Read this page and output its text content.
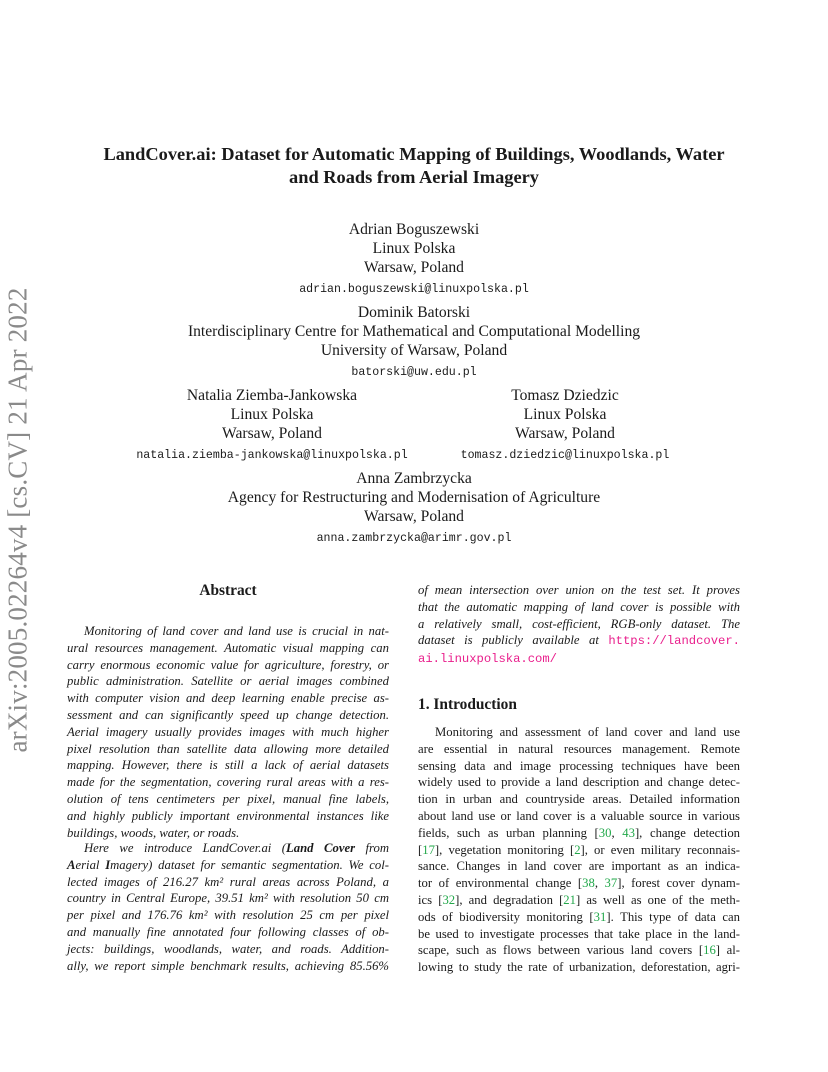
arXiv:2005.02264v4 [cs.CV] 21 Apr 2022
LandCover.ai: Dataset for Automatic Mapping of Buildings, Woodlands, Water
and Roads from Aerial Imagery
Adrian Boguszewski
Linux Polska
Warsaw, Poland
adrian.boguszewski@linuxpolska.pl
Dominik Batorski
Interdisciplinary Centre for Mathematical and Computational Modelling
University of Warsaw, Poland
batorski@uw.edu.pl
Natalia Ziemba-Jankowska
Linux Polska
Warsaw, Poland
natalia.ziemba-jankowska@linuxpolska.pl
Tomasz Dziedzic
Linux Polska
Warsaw, Poland
tomasz.dziedzic@linuxpolska.pl
Anna Zambrzycka
Agency for Restructuring and Modernisation of Agriculture
Warsaw, Poland
anna.zambrzycka@arimr.gov.pl
Abstract
Monitoring of land cover and land use is crucial in nat-
ural resources management. Automatic visual mapping can
carry enormous economic value for agriculture, forestry, or
public administration. Satellite or aerial images combined
with computer vision and deep learning enable precise as-
sessment and can significantly speed up change detection.
Aerial imagery usually provides images with much higher
pixel resolution than satellite data allowing more detailed
mapping. However, there is still a lack of aerial datasets
made for the segmentation, covering rural areas with a res-
olution of tens centimeters per pixel, manual fine labels,
and highly publicly important environmental instances like
buildings, woods, water, or roads.
Here we introduce LandCover.ai (Land Cover from
Aerial Imagery) dataset for semantic segmentation. We col-
lected images of 216.27 km² rural areas across Poland, a
country in Central Europe, 39.51 km² with resolution 50 cm
per pixel and 176.76 km² with resolution 25 cm per pixel
and manually fine annotated four following classes of ob-
jects: buildings, woodlands, water, and roads. Addition-
ally, we report simple benchmark results, achieving 85.56%
of mean intersection over union on the test set. It proves
that the automatic mapping of land cover is possible with
a relatively small, cost-efficient, RGB-only dataset. The
dataset is publicly available at https://landcover.
ai.linuxpolska.com/
1. Introduction
Monitoring and assessment of land cover and land use
are essential in natural resources management. Remote
sensing data and image processing techniques have been
widely used to provide a land description and change detec-
tion in urban and countryside areas. Detailed information
about land use or land cover is a valuable source in various
fields, such as urban planning [30, 43], change detection
[17], vegetation monitoring [2], or even military reconnais-
sance. Changes in land cover are important as an indica-
tor of environmental change [38, 37], forest cover dynam-
ics [32], and degradation [21] as well as one of the meth-
ods of biodiversity monitoring [31]. This type of data can
be used to investigate processes that take place in the land-
scape, such as flows between various land covers [16] al-
lowing to study the rate of urbanization, deforestation, agri-
